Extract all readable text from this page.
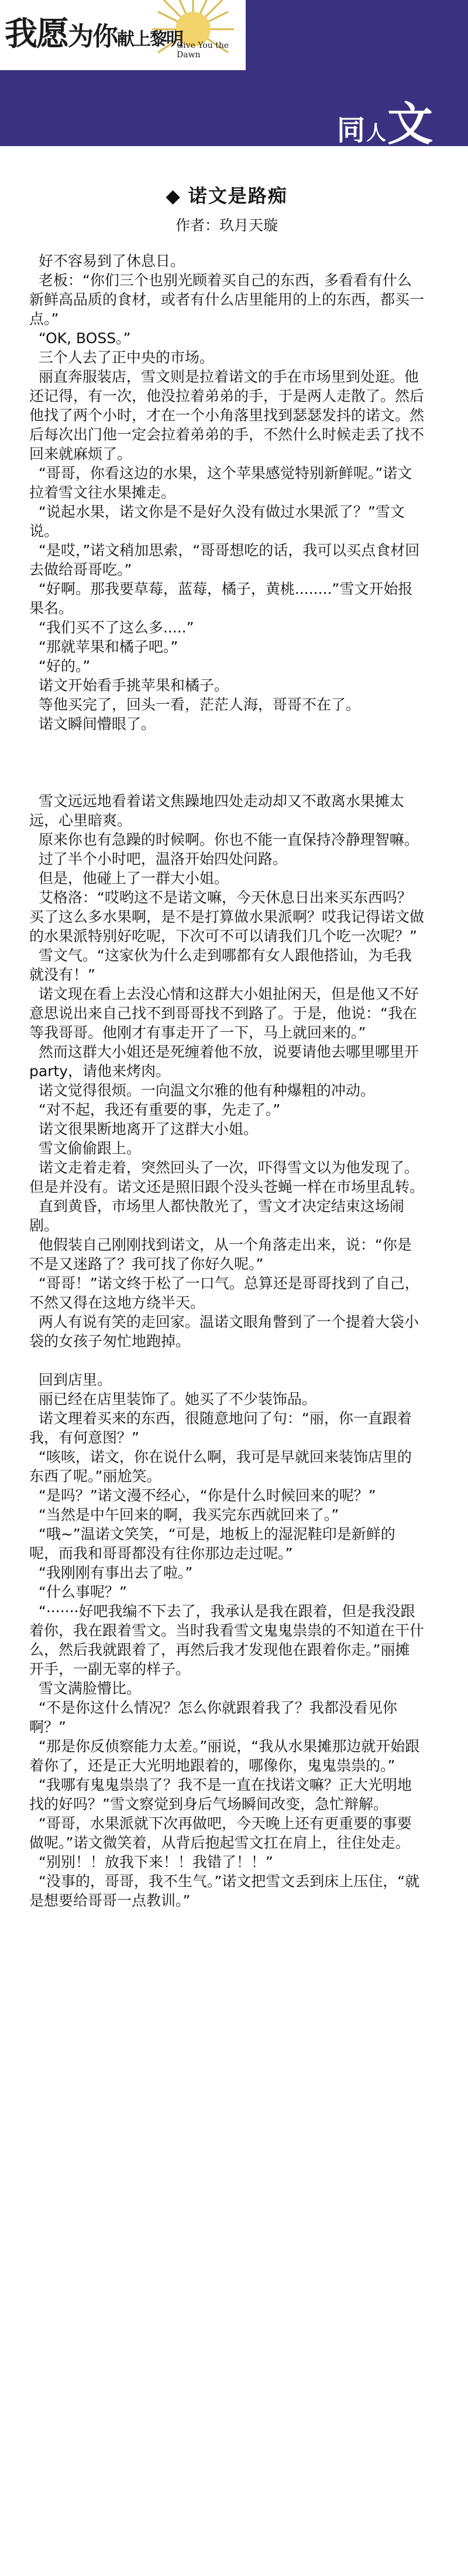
我愿为你献上黎明
Give You the Dawn
同人文
◆ 诺文是路痴
作者：玖月天璇

好不容易到了休息日。

老板：“你们三个也别光顾着买自己的东西，多看看有什么新鲜高品质的食材，或者有什么店里能用的上的东西，都买一点。”

“OK, BOSS。”

三个人去了正中央的市场。

丽直奔服装店，雪文则是拉着诺文的手在市场里到处逛。他还记得，有一次，他没拉着弟弟的手，于是两人走散了。然后他找了两个小时，才在一个小角落里找到瑟瑟发抖的诺文。然后每次出门他一定会拉着弟弟的手，不然什么时候走丢了找不回来就麻烦了。

“哥哥，你看这边的水果，这个苹果感觉特别新鲜呢。”诺文拉着雪文往水果摊走。

“说起水果，诺文你是不是好久没有做过水果派了？”雪文说。

“是哎，”诺文稍加思索，“哥哥想吃的话，我可以买点食材回去做给哥哥吃。”

“好啊。那我要草莓，蓝莓，橘子，黄桃........”雪文开始报果名。

“我们买不了这么多.....”

“那就苹果和橘子吧。”

“好的。”

诺文开始看手挑苹果和橘子。

等他买完了，回头一看，茫茫人海，哥哥不在了。

诺文瞬间懵眼了。

雪文远远地看着诺文焦躁地四处走动却又不敢离水果摊太远，心里暗爽。

原来你也有急躁的时候啊。你也不能一直保持冷静理智嘛。

过了半个小时吧，温洛开始四处问路。

但是，他碰上了一群大小姐。

艾格洛：“哎哟这不是诺文嘛，今天休息日出来买东西吗？买了这么多水果啊，是不是打算做水果派啊？哎我记得诺文做的水果派特别好吃呢，下次可不可以请我们几个吃一次呢？”

雪文气。“这家伙为什么走到哪都有女人跟他搭讪，为毛我就没有！”

诺文现在看上去没心情和这群大小姐扯闲天，但是他又不好意思说出来自己找不到哥哥找不到路了。于是，他说：“我在等我哥哥。他刚才有事走开了一下，马上就回来的。”

然而这群大小姐还是死缠着他不放，说要请他去哪里哪里开party，请他来烤肉。

诺文觉得很烦。一向温文尔雅的他有种爆粗的冲动。

“对不起，我还有重要的事，先走了。”

诺文很果断地离开了这群大小姐。

雪文偷偷跟上。

诺文走着走着，突然回头了一次，吓得雪文以为他发现了。但是并没有。诺文还是照旧跟个没头苍蝇一样在市场里乱转。

直到黄昏，市场里人都快散光了，雪文才决定结束这场闹剧。

他假装自己刚刚找到诺文，从一个角落走出来，说：“你是不是又迷路了？我可找了你好久呢。”

“哥哥！”诺文终于松了一口气。总算还是哥哥找到了自己，不然又得在这地方绕半天。

两人有说有笑的走回家。温诺文眼角瞥到了一个提着大袋小袋的女孩子匆忙地跑掉。

回到店里。

丽已经在店里装饰了。她买了不少装饰品。

诺文理着买来的东西，很随意地问了句：“丽，你一直跟着我，有何意图？”

“咳咳，诺文，你在说什么啊，我可是早就回来装饰店里的东西了呢。”丽尬笑。

“是吗？”诺文漫不经心，“你是什么时候回来的呢？”

“当然是中午回来的啊，我买完东西就回来了。”

“哦~”温诺文笑笑，“可是，地板上的湿泥鞋印是新鲜的呢，而我和哥哥都没有往你那边走过呢。”

“我刚刚有事出去了啦。”

“什么事呢？”

“·······好吧我编不下去了，我承认是我在跟着，但是我没跟着你，我在跟着雪文。当时我看雪文鬼鬼祟祟的不知道在干什么，然后我就跟着了，再然后我才发现他在跟着你走。”丽摊开手，一副无辜的样子。

雪文满脸懵比。

“不是你这什么情况？怎么你就跟着我了？我都没看见你啊？”

“那是你反侦察能力太差。”丽说，“我从水果摊那边就开始跟着你了，还是正大光明地跟着的，哪像你，鬼鬼祟祟的。”

“我哪有鬼鬼祟祟了？我不是一直在找诺文嘛？正大光明地找的好吗？”雪文察觉到身后气场瞬间改变，急忙辩解。

“哥哥，水果派就下次再做吧，今天晚上还有更重要的事要做呢。”诺文微笑着，从背后抱起雪文扛在肩上，往住处走。

“别别！！放我下来！！我错了！！”

“没事的，哥哥，我不生气。”诺文把雪文丢到床上压住，“就是想要给哥哥一点教训。”
